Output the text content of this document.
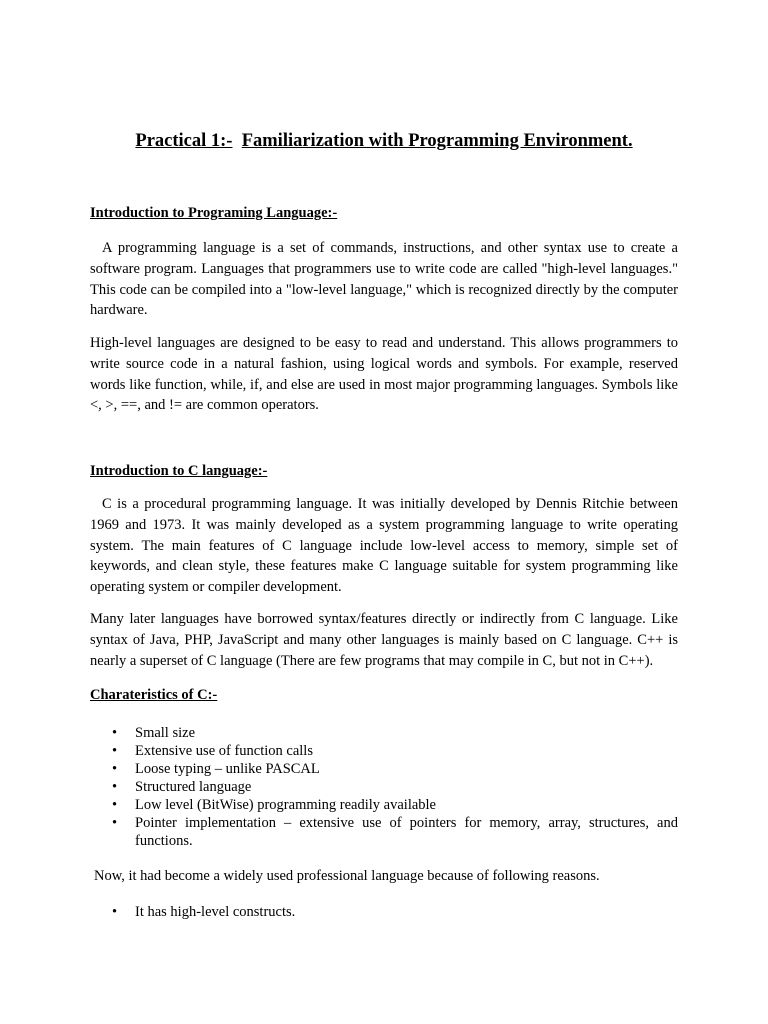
Practical 1:- Familiarization with Programming Environment.
Introduction to Programing Language:-

A programming language is a set of commands, instructions, and other syntax use to create a software program. Languages that programmers use to write code are called "high-level languages." This code can be compiled into a "low-level language," which is recognized directly by the computer hardware.

High-level languages are designed to be easy to read and understand. This allows programmers to write source code in a natural fashion, using logical words and symbols. For example, reserved words like function, while, if, and else are used in most major programming languages. Symbols like <, >, ==, and != are common operators.

Introduction to C language:-

C is a procedural programming language. It was initially developed by Dennis Ritchie between 1969 and 1973. It was mainly developed as a system programming language to write operating system. The main features of C language include low-level access to memory, simple set of keywords, and clean style, these features make C language suitable for system programming like operating system or compiler development.

Many later languages have borrowed syntax/features directly or indirectly from C language. Like syntax of Java, PHP, JavaScript and many other languages is mainly based on C language. C++ is nearly a superset of C language (There are few programs that may compile in C, but not in C++).

Charateristics of C:-
• Small size
• Extensive use of function calls
• Loose typing – unlike PASCAL
• Structured language
• Low level (BitWise) programming readily available
• Pointer implementation – extensive use of pointers for memory, array, structures, and functions.

Now, it had become a widely used professional language because of following reasons.

• It has high-level constructs.
